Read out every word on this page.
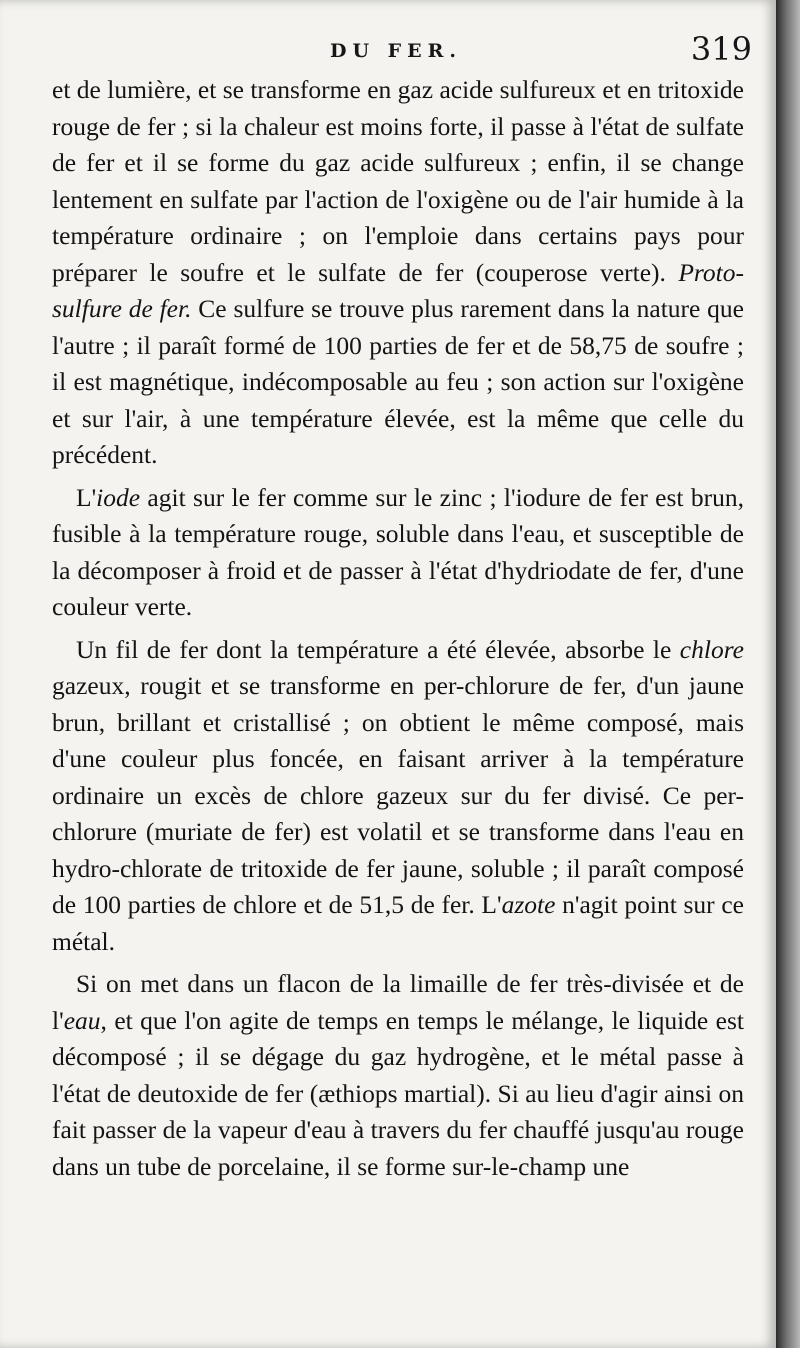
DU FER.	319

et de lumière, et se transforme en gaz acide sulfureux et en tritoxide rouge de fer ; si la chaleur est moins forte, il passe à l'état de sulfate de fer et il se forme du gaz acide sulfureux ; enfin, il se change lentement en sulfate par l'action de l'oxigène ou de l'air humide à la température ordinaire ; on l'emploie dans certains pays pour préparer le soufre et le sulfate de fer (couperose verte). Proto-sulfure de fer. Ce sulfure se trouve plus rarement dans la nature que l'autre ; il paraît formé de 100 parties de fer et de 58,75 de soufre ; il est magnétique, indécomposable au feu ; son action sur l'oxigène et sur l'air, à une température élevée, est la même que celle du précédent.

L'iode agit sur le fer comme sur le zinc ; l'iodure de fer est brun, fusible à la température rouge, soluble dans l'eau, et susceptible de la décomposer à froid et de passer à l'état d'hydriodate de fer, d'une couleur verte.

Un fil de fer dont la température a été élevée, absorbe le chlore gazeux, rougit et se transforme en per-chlorure de fer, d'un jaune brun, brillant et cristallisé ; on obtient le même composé, mais d'une couleur plus foncée, en faisant arriver à la température ordinaire un excès de chlore gazeux sur du fer divisé. Ce per-chlorure (muriate de fer) est volatil et se transforme dans l'eau en hydro-chlorate de tritoxide de fer jaune, soluble ; il paraît composé de 100 parties de chlore et de 51,5 de fer. L'azote n'agit point sur ce métal.

Si on met dans un flacon de la limaille de fer très-divisée et de l'eau, et que l'on agite de temps en temps le mélange, le liquide est décomposé ; il se dégage du gaz hydrogène, et le métal passe à l'état de deutoxide de fer (æthiops martial). Si au lieu d'agir ainsi on fait passer de la vapeur d'eau à travers du fer chauffé jusqu'au rouge dans un tube de porcelaine, il se forme sur-le-champ une
